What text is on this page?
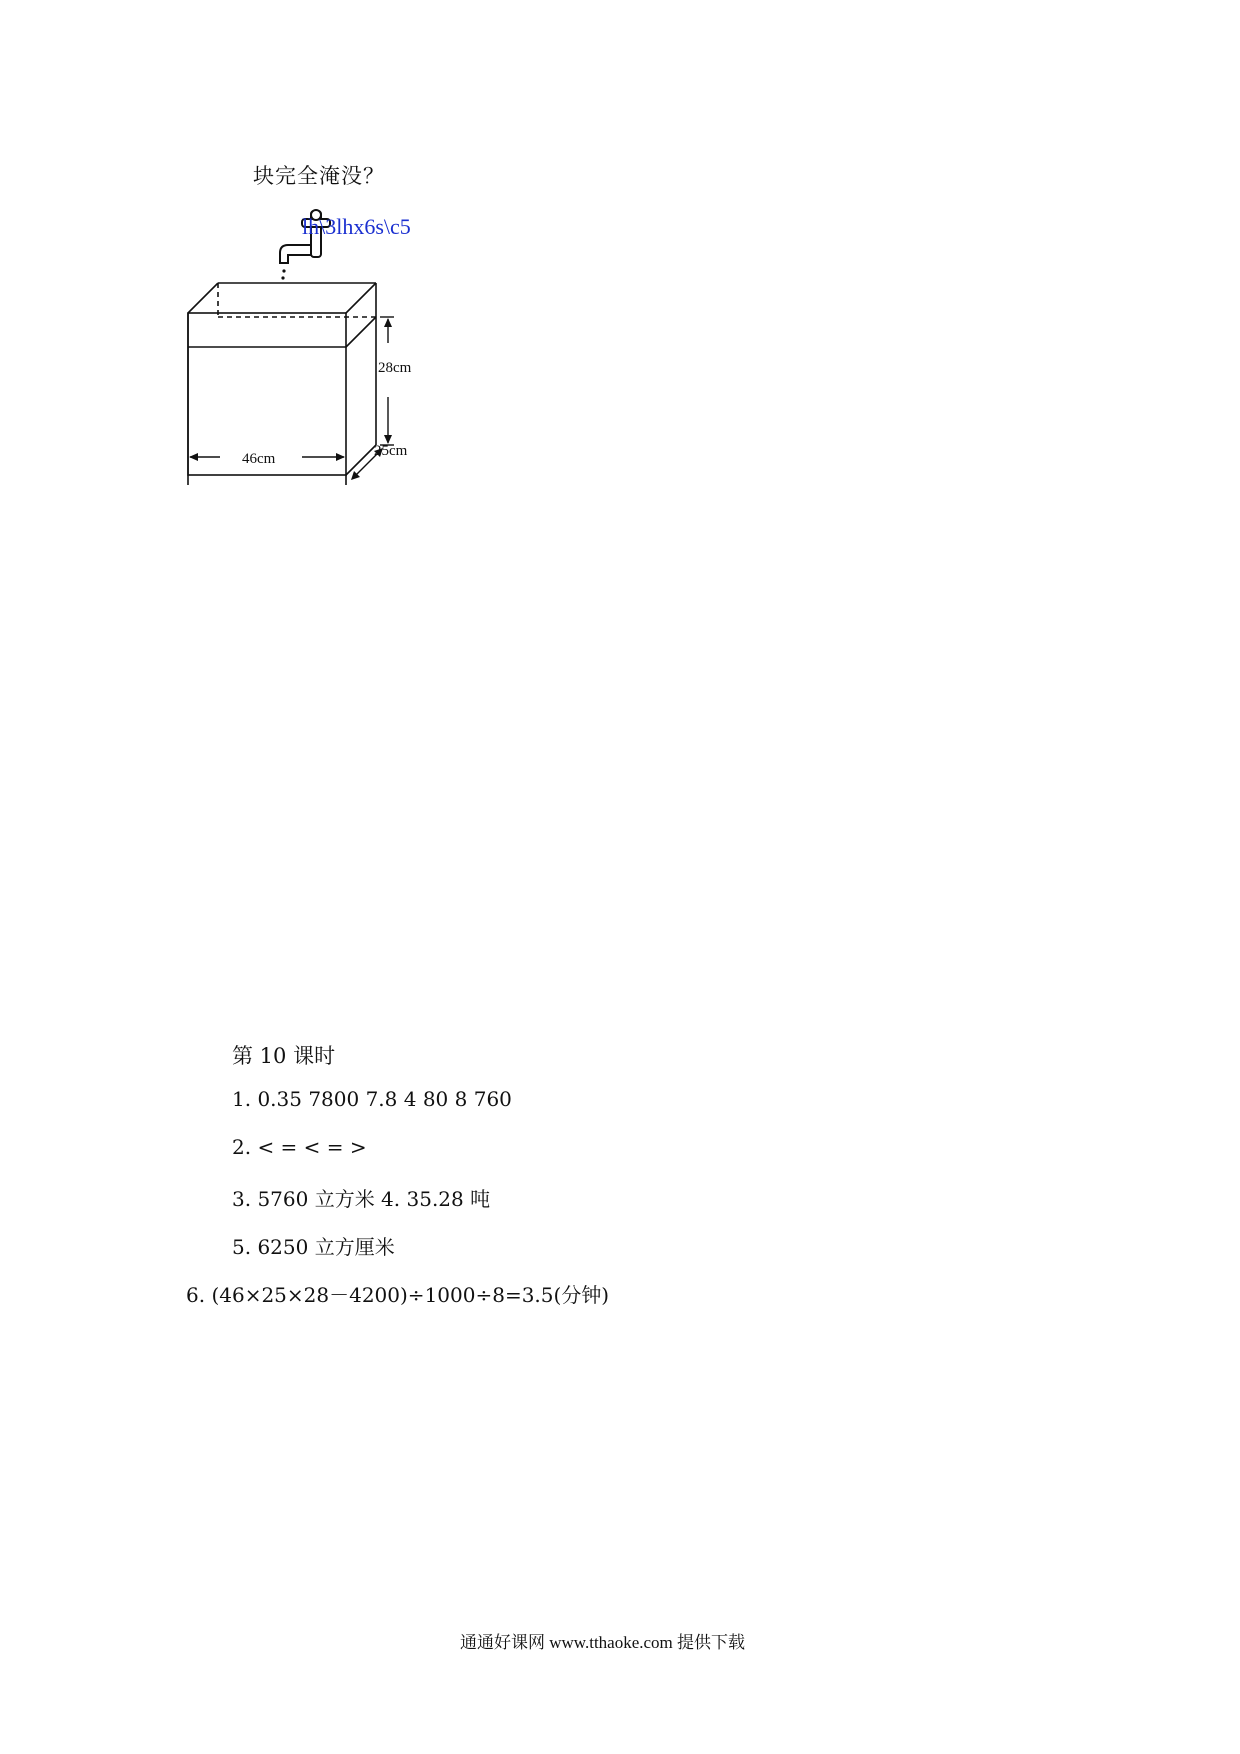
块完全淹没？
28cm
46cm	25cm
lh\3lhx6s\c5
第 10 课时
1. 0.35 7800 7.8 4 80 8 760
2. < = < = >
3. 5760 立方米 4. 35.28 吨
5. 6250 立方厘米
6. (46×25×28－4200)÷1000÷8=3.5(分钟)
通通好课网 www.tthaoke.com 提供下载
